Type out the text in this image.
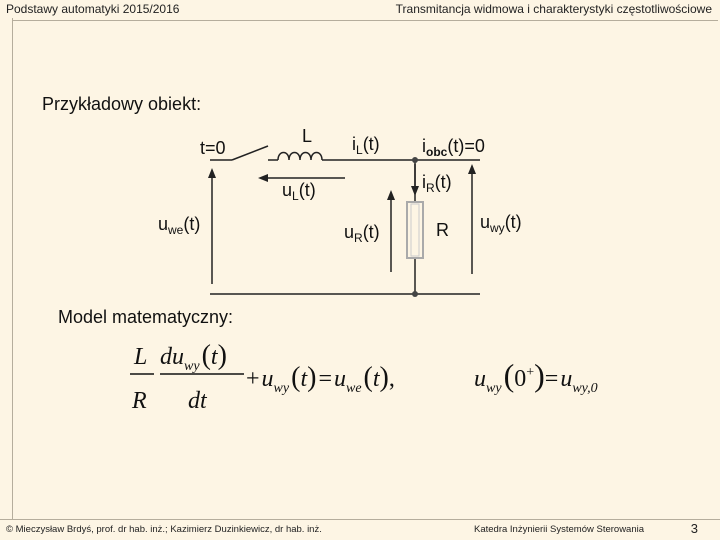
Podstawy automatyki 2015/2016	Transmitancja widmowa i charakterystyki częstotliwościowe
Przykładowy obiekt:
t=0
L $i_L(t)$ $i_{obc}(t)=0$
$i_R(t)$
$u_L(t)$
$u_{we}(t)$	$u_R(t)$	R $u_{wy}(t)$
Model matematyczny:
L
R
$du_{wy}(t)$
dt
$+u_{wy}(t)=u_{we}(t)$,	$u_{wy}(0^+)=u_{wy,0}$
© Mieczysław Brdyś, prof. dr hab. inż.; Kazimierz Duzinkiewicz, dr hab. inż.	Katedra Inżynierii Systemów Sterowania	3
